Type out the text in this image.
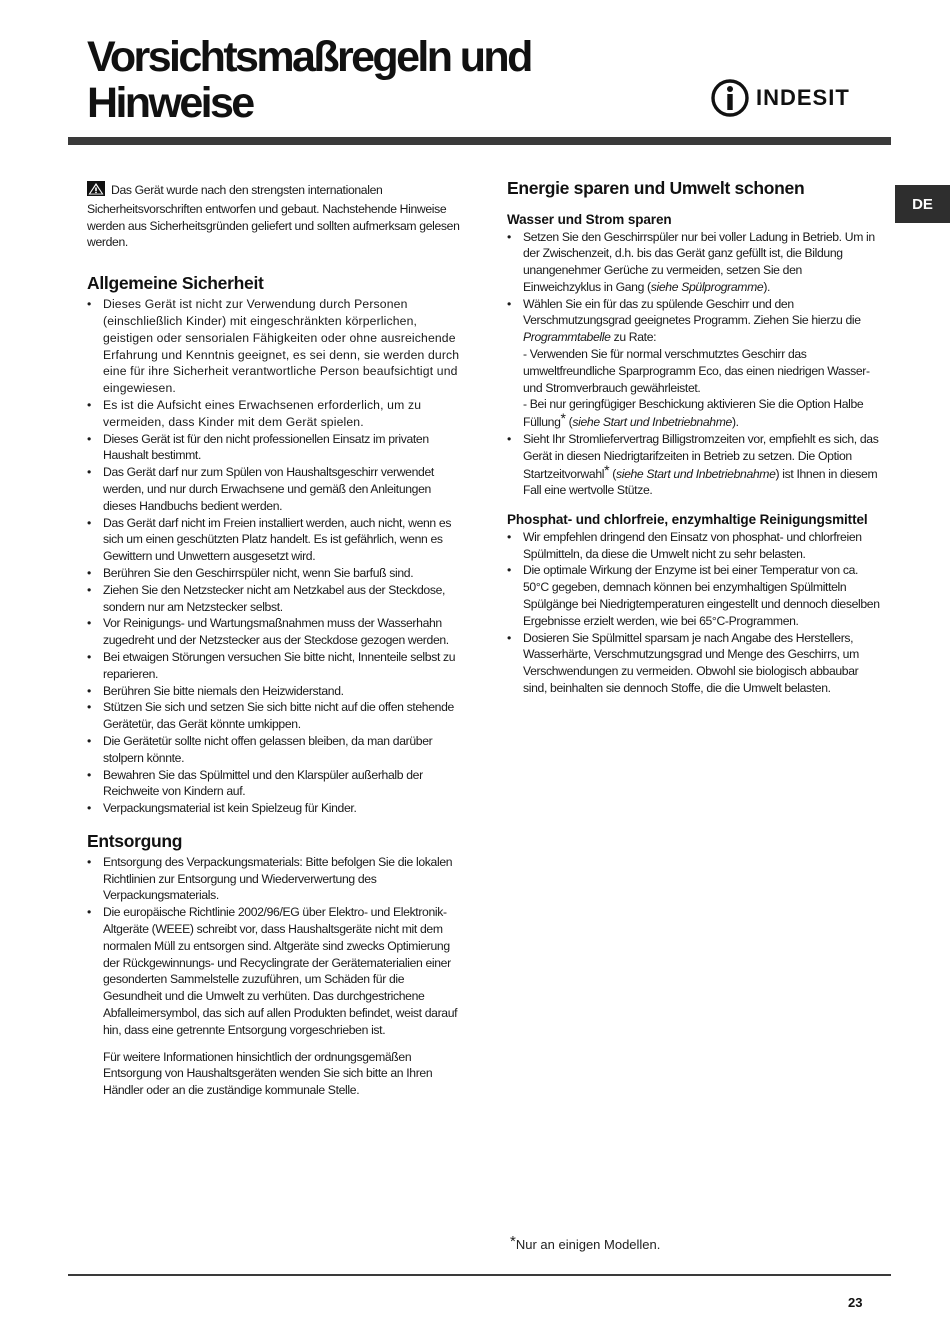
Vorsichtsmaßregeln und
Hinweise	INDESIT
DE

Das Gerät wurde nach den strengsten internationalen Sicherheitsvorschriften entworfen und gebaut. Nachstehende Hinweise werden aus Sicherheitsgründen geliefert und sollten aufmerksam gelesen werden.

Allgemeine Sicherheit
• Dieses Gerät ist nicht zur Verwendung durch Personen (einschließlich Kinder) mit eingeschränkten körperlichen, geistigen oder sensorialen Fähigkeiten oder ohne ausreichende Erfahrung und Kenntnis geeignet, es sei denn, sie werden durch eine für ihre Sicherheit verantwortliche Person beaufsichtigt und eingewiesen.
• Es ist die Aufsicht eines Erwachsenen erforderlich, um zu vermeiden, dass Kinder mit dem Gerät spielen.
• Dieses Gerät ist für den nicht professionellen Einsatz im privaten Haushalt bestimmt.
• Das Gerät darf nur zum Spülen von Haushaltsgeschirr verwendet werden, und nur durch Erwachsene und gemäß den Anleitungen dieses Handbuchs bedient werden.
• Das Gerät darf nicht im Freien installiert werden, auch nicht, wenn es sich um einen geschützten Platz handelt. Es ist gefährlich, wenn es Gewittern und Unwettern ausgesetzt wird.
• Berühren Sie den Geschirrspüler nicht, wenn Sie barfuß sind.
• Ziehen Sie den Netzstecker nicht am Netzkabel aus der Steckdose, sondern nur am Netzstecker selbst.
• Vor Reinigungs- und Wartungsmaßnahmen muss der Wasserhahn zugedreht und der Netzstecker aus der Steckdose gezogen werden.
• Bei etwaigen Störungen versuchen Sie bitte nicht, Innenteile selbst zu reparieren.
• Berühren Sie bitte niemals den Heizwiderstand.
• Stützen Sie sich und setzen Sie sich bitte nicht auf die offen stehende Gerätetür, das Gerät könnte umkippen.
• Die Gerätetür sollte nicht offen gelassen bleiben, da man darüber stolpern könnte.
• Bewahren Sie das Spülmittel und den Klarspüler außerhalb der Reichweite von Kindern auf.
• Verpackungsmaterial ist kein Spielzeug für Kinder.
Entsorgung
• Entsorgung des Verpackungsmaterials: Bitte befolgen Sie die lokalen Richtlinien zur Entsorgung und Wiederverwertung des Verpackungsmaterials.
• Die europäische Richtlinie 2002/96/EG über Elektro- und Elektronik-Altgeräte (WEEE) schreibt vor, dass Haushaltsgeräte nicht mit dem normalen Müll zu entsorgen sind. Altgeräte sind zwecks Optimierung der Rückgewinnungs- und Recyclingrate der Gerätematerialien einer gesonderten Sammelstelle zuzuführen, um Schäden für die Gesundheit und die Umwelt zu verhüten. Das durchgestrichene Abfalleimersymbol, das sich auf allen Produkten befindet, weist darauf hin, dass eine getrennte Entsorgung vorgeschrieben ist.

Für weitere Informationen hinsichtlich der ordnungsgemäßen Entsorgung von Haushaltsgeräten wenden Sie sich bitte an Ihren Händler oder an die zuständige kommunale Stelle.

Energie sparen und Umwelt schonen
Wasser und Strom sparen
• Setzen Sie den Geschirrspüler nur bei voller Ladung in Betrieb. Um in der Zwischenzeit, d.h. bis das Gerät ganz gefüllt ist, die Bildung unangenehmer Gerüche zu vermeiden, setzen Sie den Einweichzyklus in Gang (siehe Spülprogramme).
• Wählen Sie ein für das zu spülende Geschirr und den Verschmutzungsgrad geeignetes Programm. Ziehen Sie hierzu die Programmtabelle zu Rate:
- Verwenden Sie für normal verschmutztes Geschirr das umweltfreundliche Sparprogramm Eco, das einen niedrigen Wasser- und Stromverbrauch gewährleistet.
- Bei nur geringfügiger Beschickung aktivieren Sie die Option Halbe Füllung* (siehe Start und Inbetriebnahme).
• Sieht Ihr Stromliefervertrag Billigstromzeiten vor, empfiehlt es sich, das Gerät in diesen Niedrigtarifzeiten in Betrieb zu setzen. Die Option Startzeitvorwahl* (siehe Start und Inbetriebnahme) ist Ihnen in diesem Fall eine wertvolle Stütze.
Phosphat- und chlorfreie, enzymhaltige Reinigungsmittel
• Wir empfehlen dringend den Einsatz von phosphat- und chlorfreien Spülmitteln, da diese die Umwelt nicht zu sehr belasten.
• Die optimale Wirkung der Enzyme ist bei einer Temperatur von ca. 50°C gegeben, demnach können bei enzymhaltigen Spülmitteln Spülgänge bei Niedrigtemperaturen eingestellt und dennoch dieselben Ergebnisse erzielt werden, wie bei 65°C-Programmen.
• Dosieren Sie Spülmittel sparsam je nach Angabe des Herstellers, Wasserhärte, Verschmutzungsgrad und Menge des Geschirrs, um Verschwendungen zu vermeiden. Obwohl sie biologisch abbaubar sind, beinhalten sie dennoch Stoffe, die die Umwelt belasten.
*Nur an einigen Modellen.
23
